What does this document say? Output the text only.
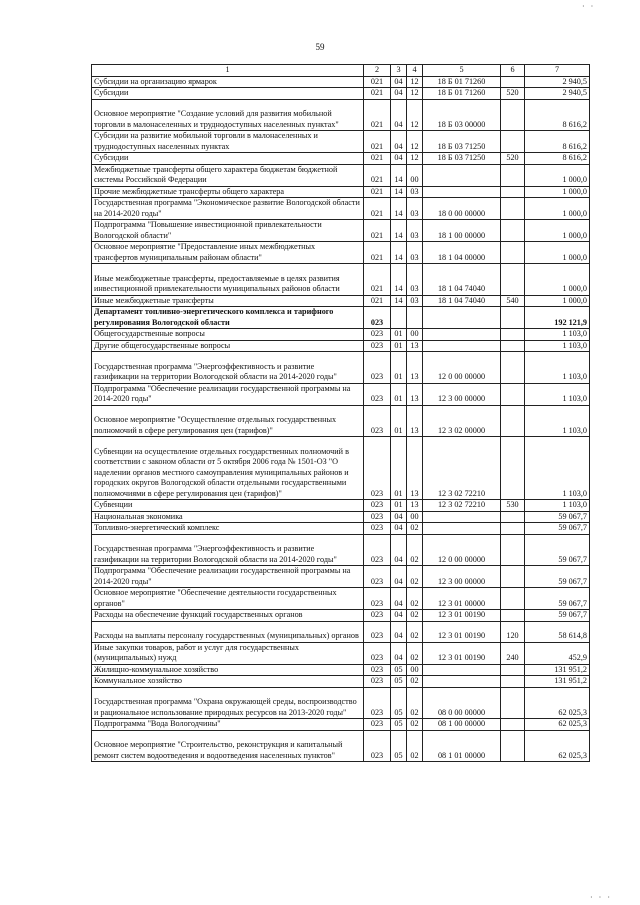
59
· ·
· · ·
1	2	3	4	5	6	7
Субсидии на организацию ярмарок	021	04	12	18 Б 01 71260		2 940,5
Субсидии	021	04	12	18 Б 01 71260	520	2 940,5
Основное мероприятие "Создание условий для развития мобильной торговли в малонаселенных и труднодоступных населенных пунктах"	021	04	12	18 Б 03 00000		8 616,2
Субсидии на развитие мобильной торговли в малонаселенных и труднодоступных населенных пунктах	021	04	12	18 Б 03 71250		8 616,2
Субсидии	021	04	12	18 Б 03 71250	520	8 616,2
Межбюджетные трансферты общего характера бюджетам бюджетной системы Российской Федерации	021	14	00			1 000,0
Прочие межбюджетные трансферты общего характера	021	14	03			1 000,0
Государственная программа "Экономическое развитие Вологодской области на 2014-2020 годы"	021	14	03	18 0 00 00000		1 000,0
Подпрограмма "Повышение инвестиционной привлекательности Вологодской области"	021	14	03	18 1 00 00000		1 000,0
Основное мероприятие "Предоставление иных межбюджетных трансфертов муниципальным районам области"	021	14	03	18 1 04 00000		1 000,0
Иные межбюджетные трансферты, предоставляемые в целях развития инвестиционной привлекательности муниципальных районов области	021	14	03	18 1 04 74040		1 000,0
Иные межбюджетные трансферты	021	14	03	18 1 04 74040	540	1 000,0
Департамент топливно-энергетического комплекса и тарифного регулирования Вологодской области	023					192 121,9
Общегосударственные вопросы	023	01	00			1 103,0
Другие общегосударственные вопросы	023	01	13			1 103,0
Государственная программа "Энергоэффективность и развитие газификации на территории Вологодской области на 2014-2020 годы"	023	01	13	12 0 00 00000		1 103,0
Подпрограмма "Обеспечение реализации государственной программы на 2014-2020 годы"	023	01	13	12 3 00 00000		1 103,0
Основное мероприятие "Осуществление отдельных государственных полномочий в сфере регулирования цен (тарифов)"	023	01	13	12 3 02 00000		1 103,0
Субвенции на осуществление отдельных государственных полномочий в соответствии с законом области от 5 октября 2006 года № 1501-ОЗ "О наделении органов местного самоуправления муниципальных районов и городских округов Вологодской области отдельными государственными полномочиями в сфере регулирования цен (тарифов)"	023	01	13	12 3 02 72210		1 103,0
Субвенции	023	01	13	12 3 02 72210	530	1 103,0
Национальная экономика	023	04	00			59 067,7
Топливно-энергетический комплекс	023	04	02			59 067,7
Государственная программа "Энергоэффективность и развитие газификации на территории Вологодской области на 2014-2020 годы"	023	04	02	12 0 00 00000		59 067,7
Подпрограмма "Обеспечение реализации государственной программы на 2014-2020 годы"	023	04	02	12 3 00 00000		59 067,7
Основное мероприятие "Обеспечение деятельности государственных органов"	023	04	02	12 3 01 00000		59 067,7
Расходы на обеспечение функций государственных органов	023	04	02	12 3 01 00190		59 067,7
Расходы на выплаты персоналу государственных (муниципальных) органов	023	04	02	12 3 01 00190	120	58 614,8
Иные закупки товаров, работ и услуг для государственных (муниципальных) нужд	023	04	02	12 3 01 00190	240	452,9
Жилищно-коммунальное хозяйство	023	05	00			131 951,2
Коммунальное хозяйство	023	05	02			131 951,2
Государственная программа "Охрана окружающей среды, воспроизводство и рациональное использование природных ресурсов на 2013-2020 годы"	023	05	02	08 0 00 00000		62 025,3
Подпрограмма "Вода Вологодчины"	023	05	02	08 1 00 00000		62 025,3
Основное мероприятие "Строительство, реконструкция и капитальный ремонт систем водоотведения и водоотведения населенных пунктов"	023	05	02	08 1 01 00000		62 025,3
